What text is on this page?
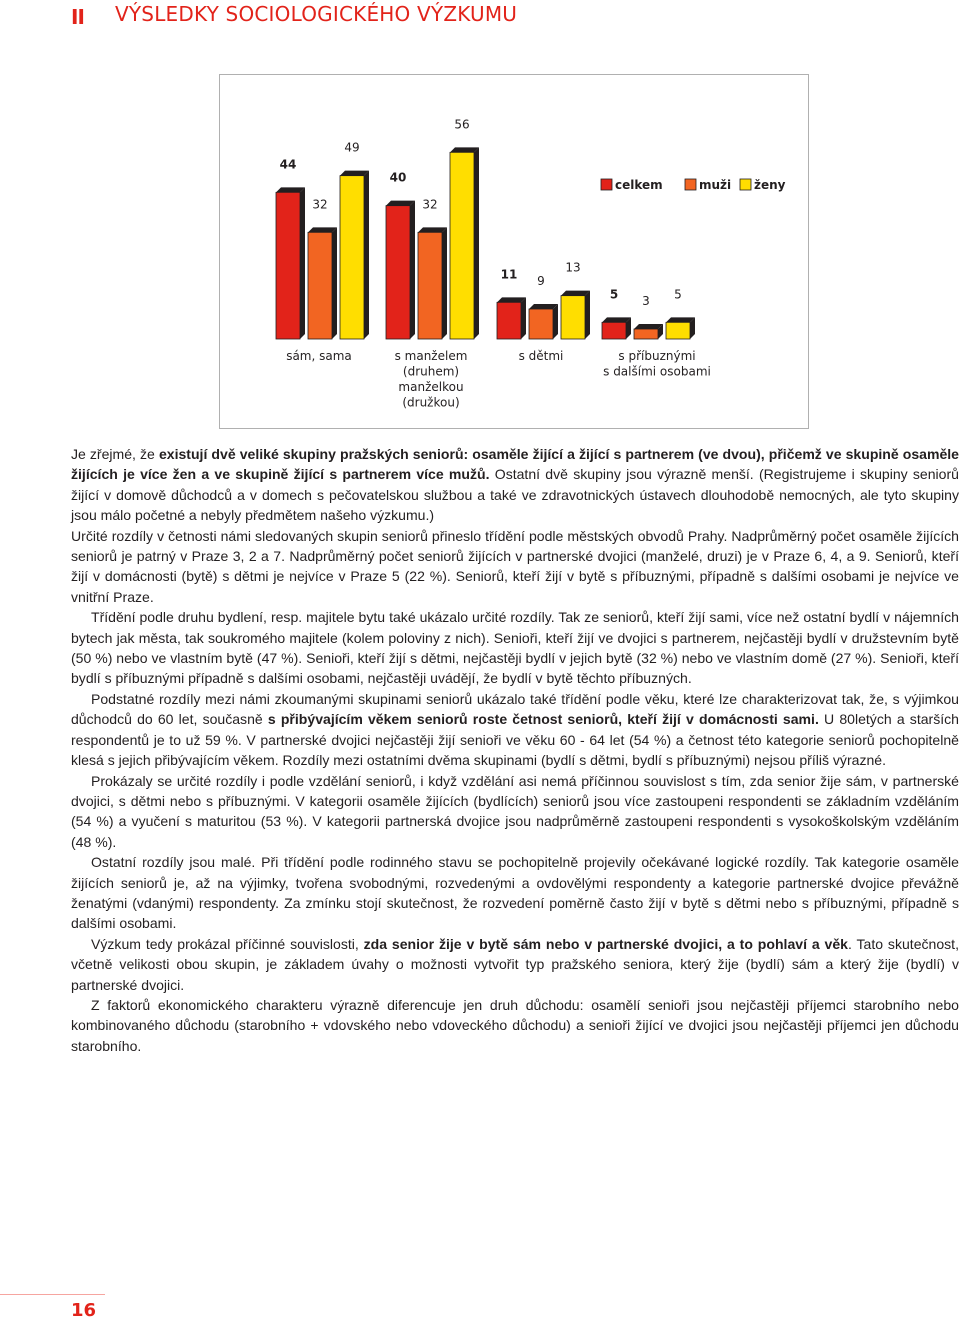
II VÝSLEDKY SOCIOLOGICKÉHO VÝZKUMU
44
40
11
5
32	32
9
3
49
56
13
5
sám, sama	s manželem
(druhem)
manželkou
(družkou)
s dětmi	s příbuznými
s dalšími osobami
celkem	muži ženy

Je zřejmé, že existují dvě veliké skupiny pražských seniorů: osaměle žijící a žijící s partnerem (ve dvou), přičemž ve skupině osaměle žijících je více žen a ve skupině žijící s partnerem více mužů. Ostatní dvě skupiny jsou výrazně menší. (Registrujeme i skupiny seniorů žijící v domově důchodců a v domech s pečovatelskou službou a také ve zdravotnických ústavech dlouhodobě nemocných, ale tyto skupiny jsou málo početné a nebyly předmětem našeho výzkumu.)

Určité rozdíly v četnosti námi sledovaných skupin seniorů přineslo třídění podle městských obvodů Prahy. Nadprůměrný počet osaměle žijících seniorů je patrný v Praze 3, 2 a 7. Nadprůměrný počet seniorů žijících v partnerské dvojici (manželé, druzi) je v Praze 6, 4, a 9. Seniorů, kteří žijí v domácnosti (bytě) s dětmi je nejvíce v Praze 5 (22 %). Seniorů, kteří žijí v bytě s příbuznými, případně s dalšími osobami je nejvíce ve vnitřní Praze.

Třídění podle druhu bydlení, resp. majitele bytu také ukázalo určité rozdíly. Tak ze seniorů, kteří žijí sami, více než ostatní bydlí v nájemních bytech jak města, tak soukromého majitele (kolem poloviny z nich). Senioři, kteří žijí ve dvojici s partnerem, nejčastěji bydlí v družstevním bytě (50 %) nebo ve vlastním bytě (47 %). Senioři, kteří žijí s dětmi, nejčastěji bydlí v jejich bytě (32 %) nebo ve vlastním domě (27 %). Senioři, kteří bydlí s příbuznými případně s dalšími osobami, nejčastěji uvádějí, že bydlí v bytě těchto příbuzných.

Podstatné rozdíly mezi námi zkoumanými skupinami seniorů ukázalo také třídění podle věku, které lze charakterizovat tak, že, s výjimkou důchodců do 60 let, současně s přibývajícím věkem seniorů roste četnost seniorů, kteří žijí v domácnosti sami. U 80letých a starších respondentů je to už 59 %. V partnerské dvojici nejčastěji žijí senioři ve věku 60 - 64 let (54 %) a četnost této kategorie seniorů pochopitelně klesá s jejich přibývajícím věkem. Rozdíly mezi ostatními dvěma skupinami (bydlí s dětmi, bydlí s příbuznými) nejsou příliš výrazné.

Prokázaly se určité rozdíly i podle vzdělání seniorů, i když vzdělání asi nemá příčinnou souvislost s tím, zda senior žije sám, v partnerské dvojici, s dětmi nebo s příbuznými. V kategorii osaměle žijících (bydlících) seniorů jsou více zastoupeni respondenti se základním vzděláním (54 %) a vyučení s maturitou (53 %). V kategorii partnerská dvojice jsou nadprůměrně zastoupeni respondenti s vysokoškolským vzděláním (48 %).

Ostatní rozdíly jsou malé. Při třídění podle rodinného stavu se pochopitelně projevily očekávané logické rozdíly. Tak kategorie osaměle žijících seniorů je, až na výjimky, tvořena svobodnými, rozvedenými a ovdovělými respondenty a kategorie partnerské dvojice převážně ženatými (vdanými) respondenty. Za zmínku stojí skutečnost, že rozvedení poměrně často žijí v bytě s dětmi nebo s příbuznými, případně s dalšími osobami.

Výzkum tedy prokázal příčinné souvislosti, zda senior žije v bytě sám nebo v partnerské dvojici, a to pohlaví a věk. Tato skutečnost, včetně velikosti obou skupin, je základem úvahy o možnosti vytvořit typ pražského seniora, který žije (bydlí) sám a který žije (bydlí) v partnerské dvojici.

Z faktorů ekonomického charakteru výrazně diferencuje jen druh důchodu: osamělí senioři jsou nejčastěji příjemci starobního nebo kombinovaného důchodu (starobního + vdovského nebo vdoveckého důchodu) a senioři žijící ve dvojici jsou nejčastěji příjemci jen důchodu starobního.

16
